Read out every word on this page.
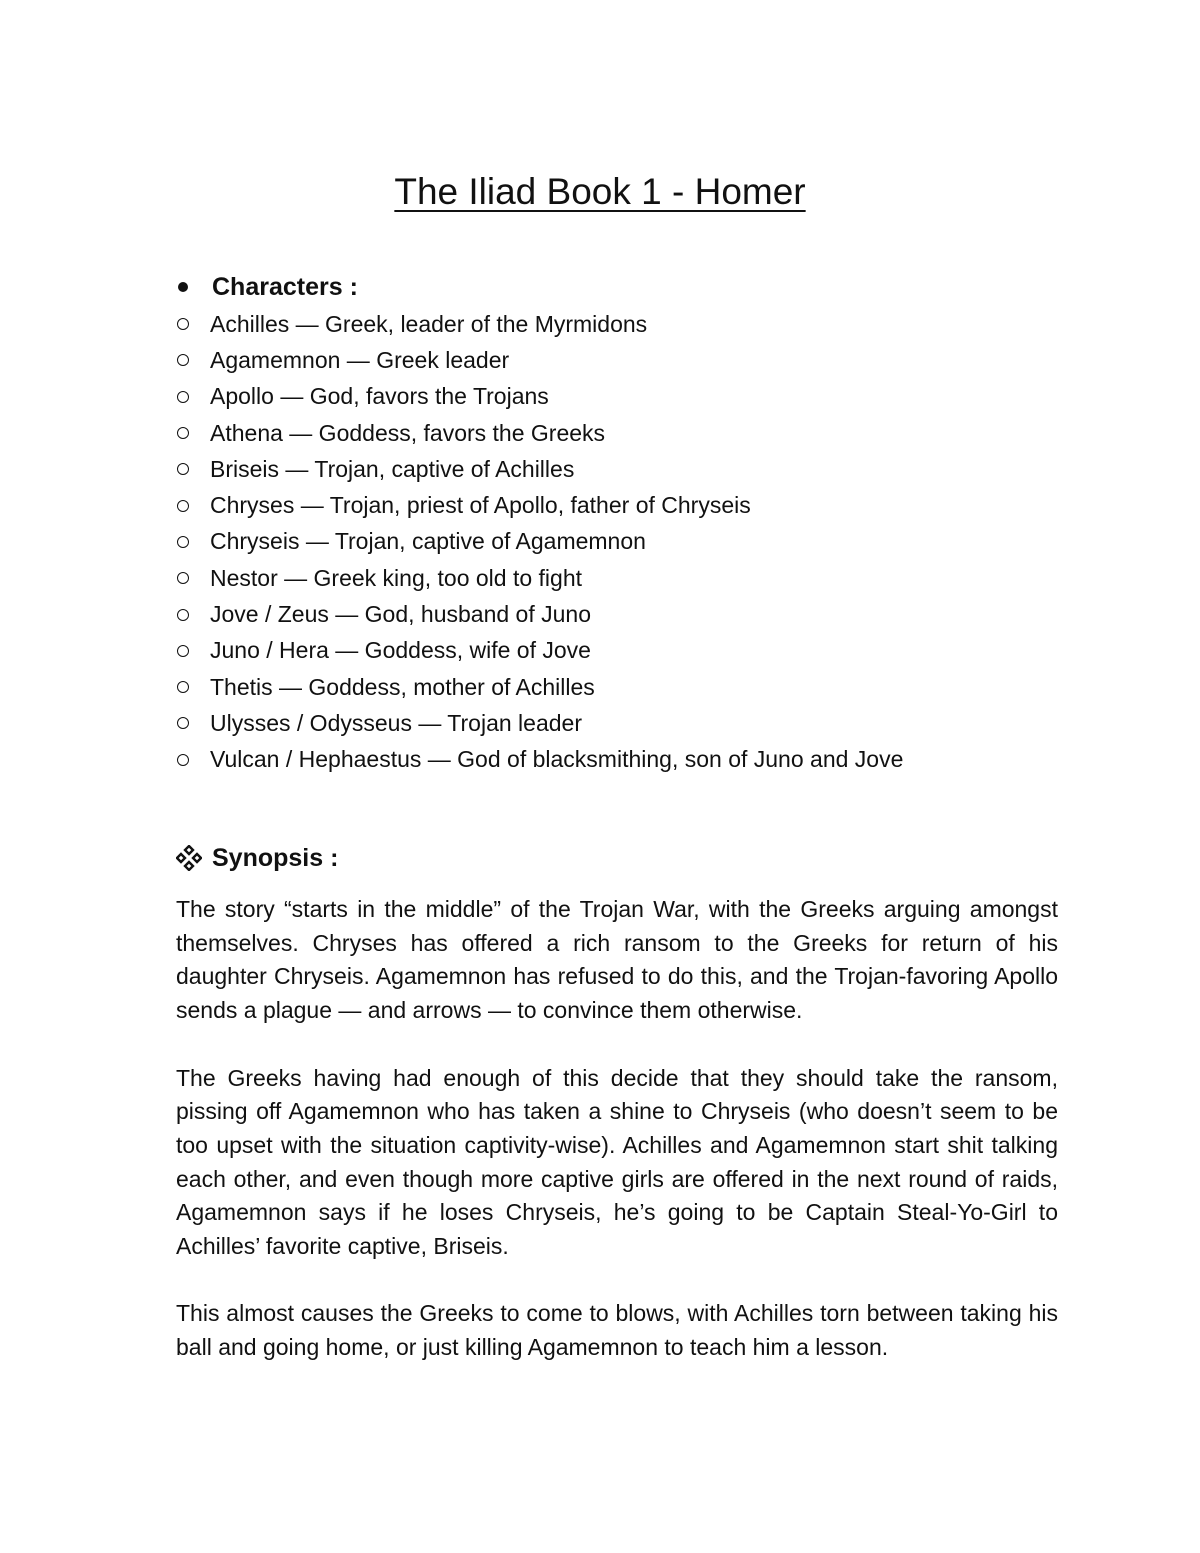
The Iliad Book 1 - Homer
Characters :
Achilles — Greek, leader of the Myrmidons
Agamemnon — Greek leader
Apollo — God, favors the Trojans
Athena — Goddess, favors the Greeks
Briseis — Trojan, captive of Achilles
Chryses — Trojan, priest of Apollo, father of Chryseis
Chryseis — Trojan, captive of Agamemnon
Nestor — Greek king, too old to fight
Jove / Zeus — God, husband of Juno
Juno / Hera — Goddess, wife of Jove
Thetis — Goddess, mother of Achilles
Ulysses / Odysseus — Trojan leader
Vulcan / Hephaestus — God of blacksmithing, son of Juno and Jove
Synopsis :

The story “starts in the middle” of the Trojan War, with the Greeks arguing amongst themselves. Chryses has offered a rich ransom to the Greeks for return of his daughter Chryseis. Agamemnon has refused to do this, and the Trojan-favoring Apollo sends a plague — and arrows — to convince them otherwise.

The Greeks having had enough of this decide that they should take the ransom, pissing off Agamemnon who has taken a shine to Chryseis (who doesn’t seem to be too upset with the situation captivity-wise). Achilles and Agamemnon start shit talking each other, and even though more captive girls are offered in the next round of raids, Agamemnon says if he loses Chryseis, he’s going to be Captain Steal-Yo-Girl to Achilles’ favorite captive, Briseis.

This almost causes the Greeks to come to blows, with Achilles torn between taking his ball and going home, or just killing Agamemnon to teach him a lesson.
